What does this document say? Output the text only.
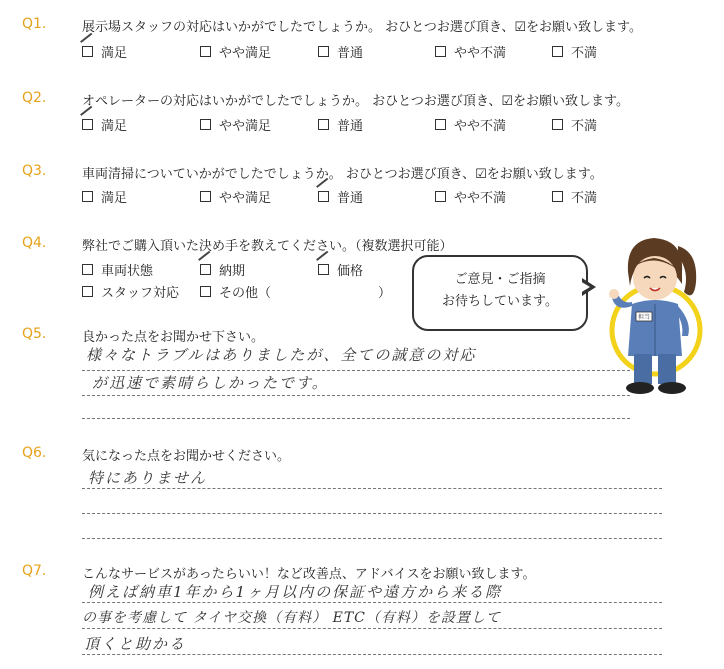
Q1.	展示場スタッフの対応はいかがでしたでしょうか。 おひとつお選び頂き、☑をお願い致します。
満足	やや満足	普通	やや不満	不満
Q2.	オペレーターの対応はいかがでしたでしょうか。 おひとつお選び頂き、☑をお願い致します。
満足	やや満足	普通	やや不満	不満
Q3.	車両清掃についていかがでしたでしょうか。 おひとつお選び頂き、☑をお願い致します。
満足	やや満足	普通	やや不満	不満
Q4.	弊社でご購入頂いた決め手を教えてください。（複数選択可能）
車両状態	納期	価格
スタッフ対応	その他（	）
ご意見・ご指摘
お待ちしています。
担当
Q5.	良かった点をお聞かせ下さい。
様々なトラブルはありましたが、全ての誠意の対応
が迅速で素晴らしかったです。
Q6.	気になった点をお聞かせください。
特にありません
Q7.	こんなサービスがあったらいい！など改善点、アドバイスをお願い致します。
例えば納車1年から1ヶ月以内の保証や遠方から来る際
の事を考慮して タイヤ交換（有料） ETC（有料）を設置して
頂くと助かる
